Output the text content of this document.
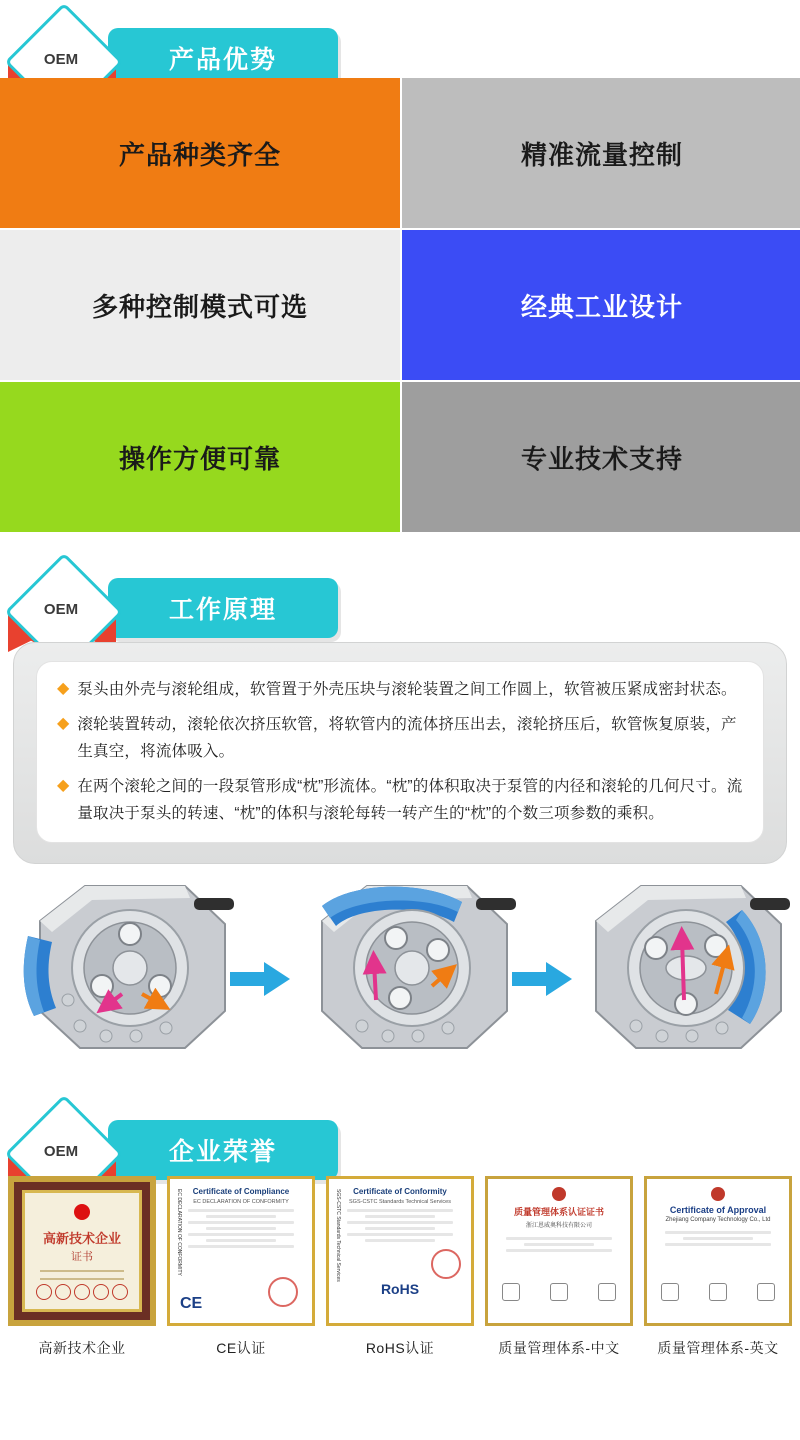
产品优势
OEM
产品种类齐全	精准流量控制
多种控制模式可选	经典工业设计
操作方便可靠	专业技术支持
工作原理
OEM
◆ 泵头由外壳与滚轮组成，软管置于外壳压块与滚轮装置之间工作圆上，软管被压紧成密封状态。
◆ 滚轮装置转动，滚轮依次挤压软管，将软管内的流体挤压出去，滚轮挤压后，软管恢复原装，产生真空，将流体吸入。
◆ 在两个滚轮之间的一段泵管形成“枕”形流体。“枕”的体积取决于泵管的内径和滚轮的几何尺寸。流量取决于泵头的转速、“枕”的体积与滚轮每转一转产生的“枕”的个数三项参数的乘积。
企业荣誉
OEM
高新技术企业
证书
高新技术企业
EC DECLARATION OF CONFORMITY	Certificate of Compliance
EC DECLARATION OF CONFORMITY
CE
CE认证
SGS-CSTC Standards Technical Services	Certificate of Conformity
SGS-CSTC Standards Technical Services
RoHS
RoHS认证
质量管理体系认证证书
浙江恩威奥科技有限公司
质量管理体系-中文
Certificate of Approval
Zhejiang Company Technology Co., Ltd
质量管理体系-英文
